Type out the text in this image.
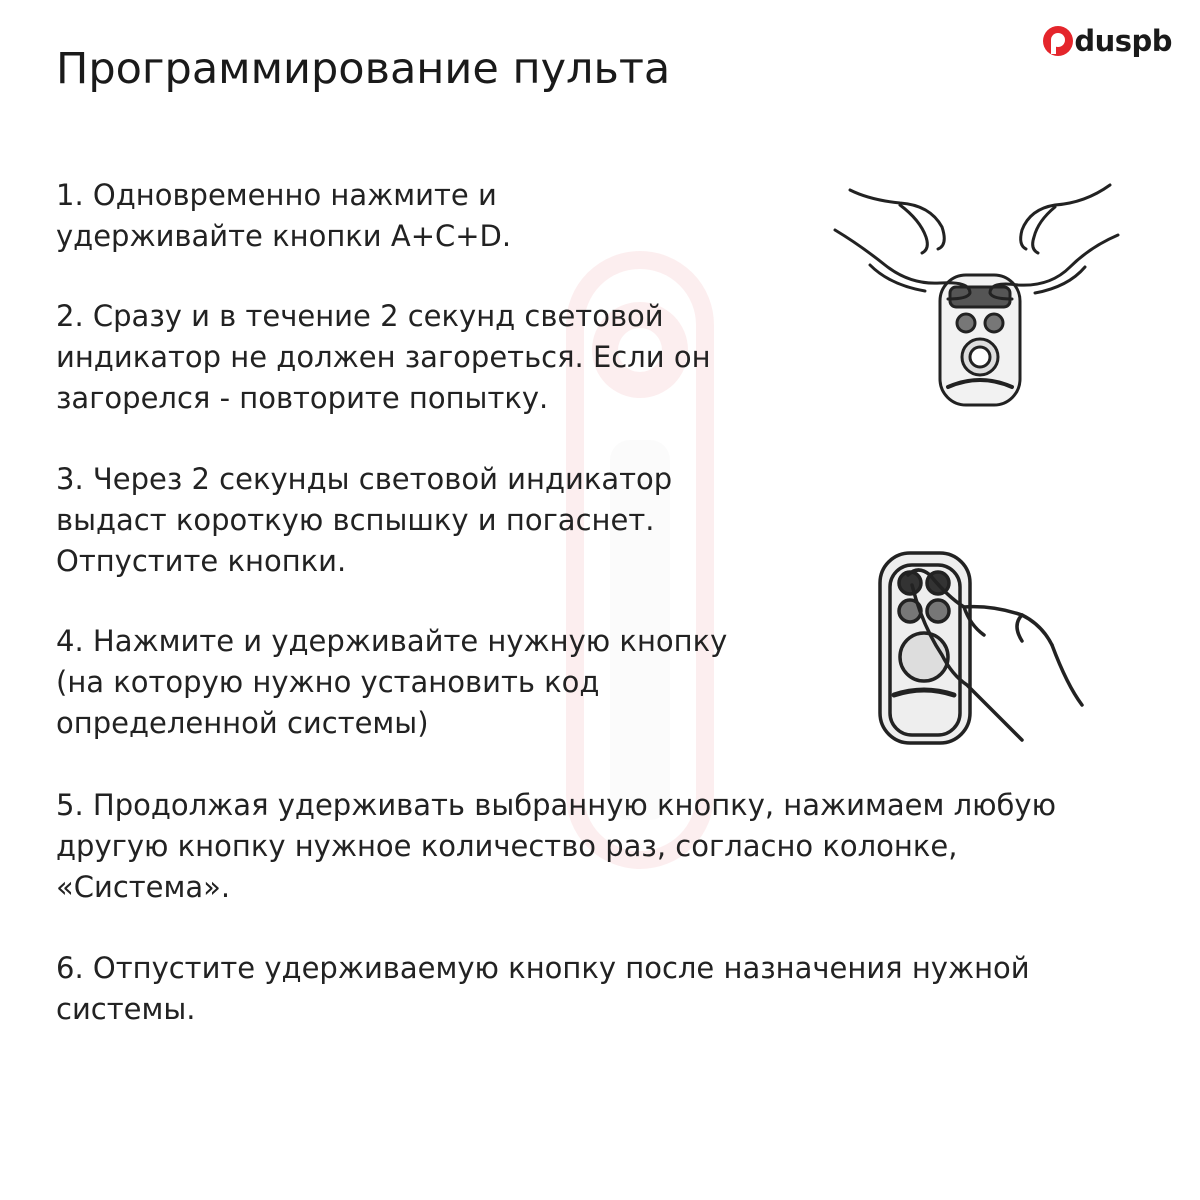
duspb
Программирование пульта

1. Одновременно нажмите и удерживайте кнопки A+C+D.

2. Сразу и в течение 2 секунд световой индикатор не должен загореться. Если он загорелся - повторите попытку.

3. Через 2 секунды световой индикатор выдаст короткую вспышку и погаснет. Отпустите кнопки.

4. Нажмите и удерживайте нужную кнопку (на которую нужно установить код определенной системы)

5. Продолжая удерживать выбранную кнопку, нажимаем любую другую кнопку нужное количество раз, согласно колонке, «Система».

6. Отпустите удерживаемую кнопку после назначения нужной системы.
